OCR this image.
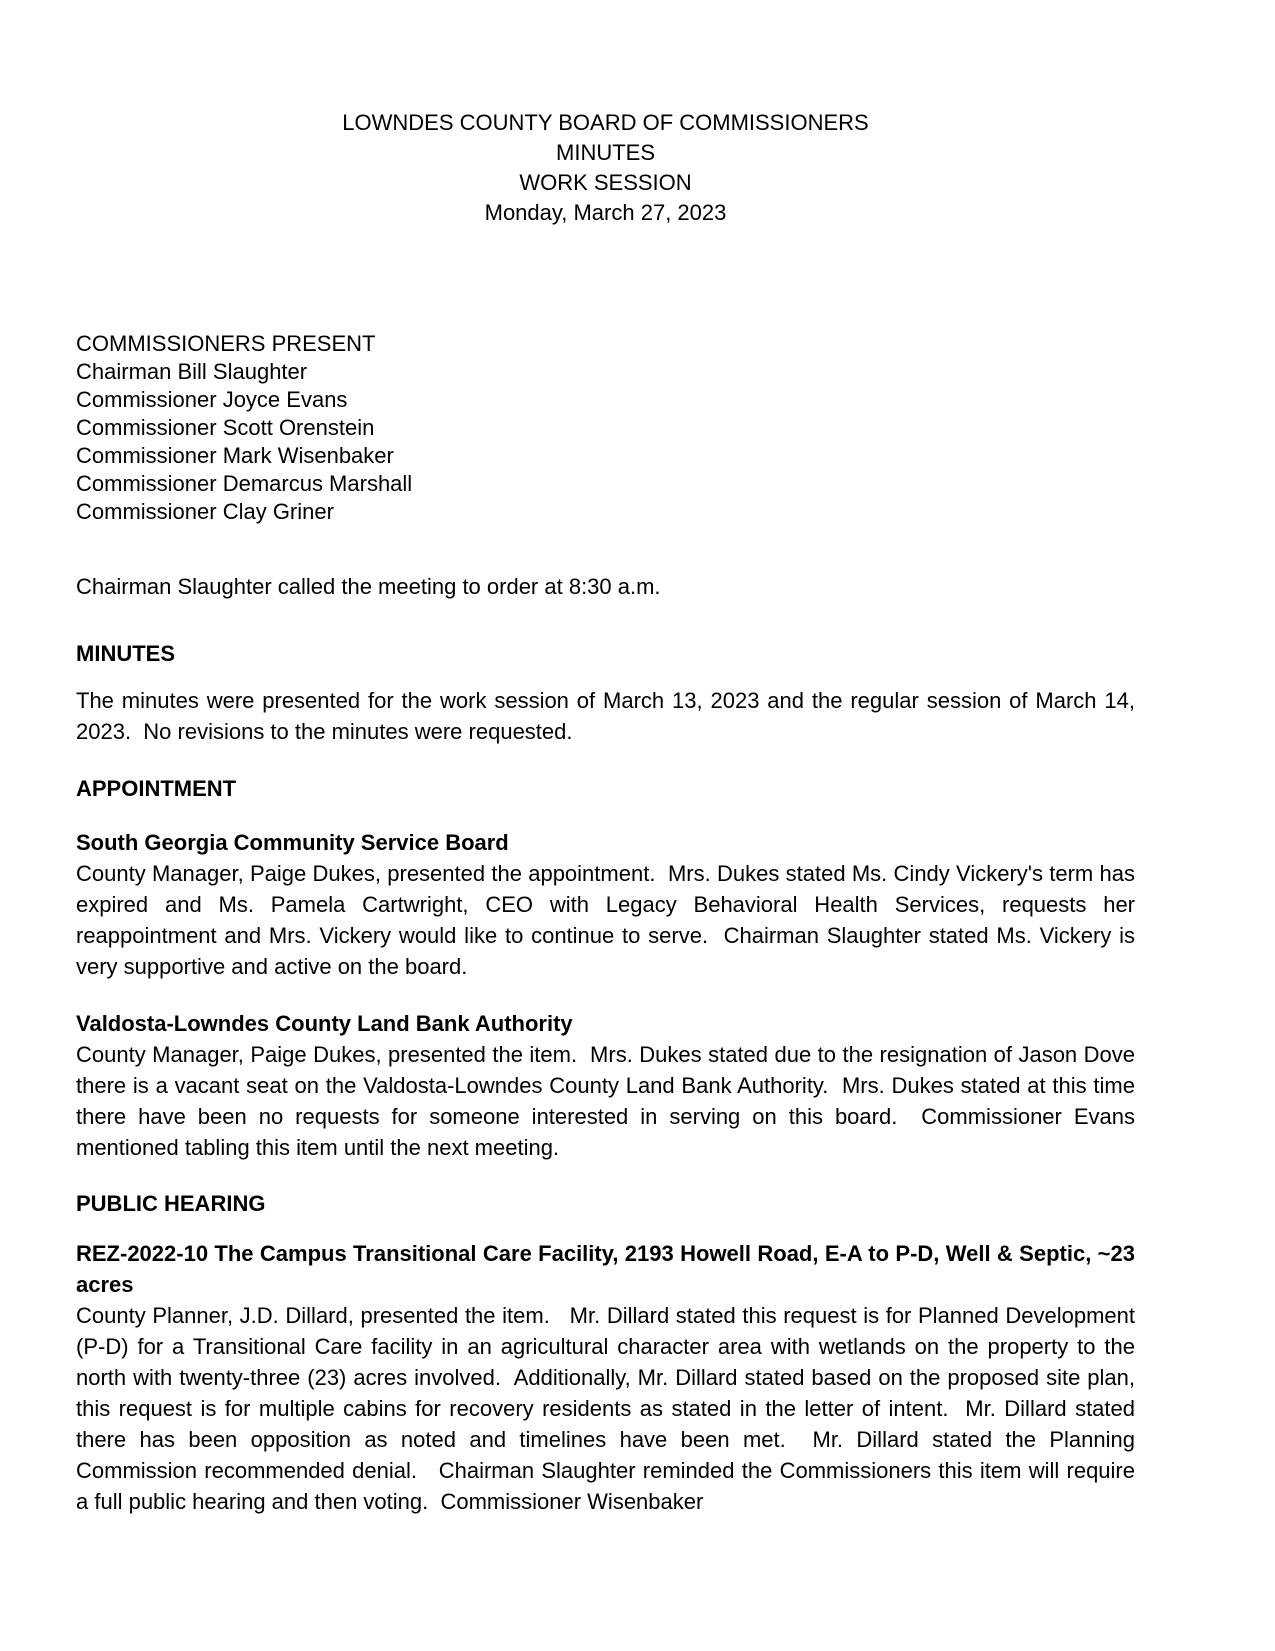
LOWNDES COUNTY BOARD OF COMMISSIONERS
MINUTES
WORK SESSION
Monday, March 27, 2023
COMMISSIONERS PRESENT
Chairman Bill Slaughter
Commissioner Joyce Evans
Commissioner Scott Orenstein
Commissioner Mark Wisenbaker
Commissioner Demarcus Marshall
Commissioner Clay Griner
Chairman Slaughter called the meeting to order at 8:30 a.m.
MINUTES
The minutes were presented for the work session of March 13, 2023 and the regular session of March 14, 2023.  No revisions to the minutes were requested.
APPOINTMENT
South Georgia Community Service Board
County Manager, Paige Dukes, presented the appointment.  Mrs. Dukes stated Ms. Cindy Vickery's term has expired and Ms. Pamela Cartwright, CEO with Legacy Behavioral Health Services, requests her reappointment and Mrs. Vickery would like to continue to serve.  Chairman Slaughter stated Ms. Vickery is very supportive and active on the board.
Valdosta-Lowndes County Land Bank Authority
County Manager, Paige Dukes, presented the item.  Mrs. Dukes stated due to the resignation of Jason Dove there is a vacant seat on the Valdosta-Lowndes County Land Bank Authority.  Mrs. Dukes stated at this time there have been no requests for someone interested in serving on this board.  Commissioner Evans mentioned tabling this item until the next meeting.
PUBLIC HEARING
REZ-2022-10 The Campus Transitional Care Facility, 2193 Howell Road, E-A to P-D, Well & Septic, ~23 acres
County Planner, J.D. Dillard, presented the item.   Mr. Dillard stated this request is for Planned Development (P-D) for a Transitional Care facility in an agricultural character area with wetlands on the property to the north with twenty-three (23) acres involved.  Additionally, Mr. Dillard stated based on the proposed site plan, this request is for multiple cabins for recovery residents as stated in the letter of intent.  Mr. Dillard stated there has been opposition as noted and timelines have been met.  Mr. Dillard stated the Planning Commission recommended denial.   Chairman Slaughter reminded the Commissioners this item will require a full public hearing and then voting.  Commissioner Wisenbaker
